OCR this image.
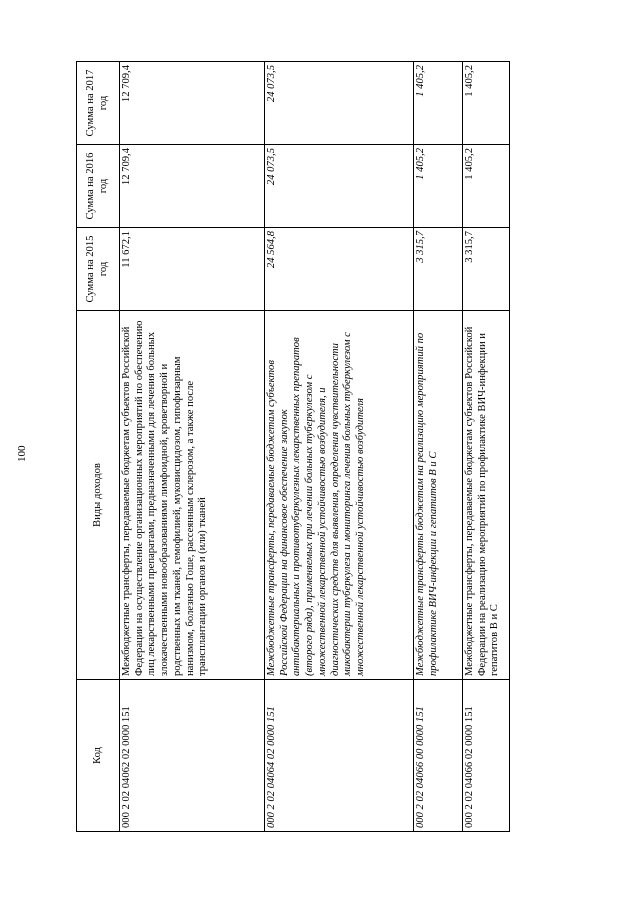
100
Код	Виды доходов	Сумма на 2015 год	Сумма на 2016 год	Сумма на 2017 год
000 2 02 04062 02 0000 151	Межбюджетные трансферты, передаваемые бюджетам субъектов Российской Федерации на осуществление организационных мероприятий по обеспечению лиц лекарственными препаратами, предназначенными для лечения больных злокачественными новообразованиями лимфоидной, кроветворной и родственных им тканей, гемофилией, муковисцидозом, гипофизарным нанизмом, болезнью Гоше, рассеянным склерозом, а также после трансплантации органов и (или) тканей	11 672,1	12 709,4	12 709,4
000 2 02 04064 02 0000 151	Межбюджетные трансферты, передаваемые бюджетам субъектов Российской Федерации на финансовое обеспечение закупок антибактериальных и противотуберкулезных лекарственных препаратов (второго ряда), применяемых при лечении больных туберкулезом с множественной лекарственной устойчивостью возбудителя, и диагностических средств для выявления, определения чувствительности микобактерии туберкулеза и мониторинга лечения больных туберкулезом с множественной лекарственной устойчивостью возбудителя	24 564,8	24 073,5	24 073,5
000 2 02 04066 00 0000 151	Межбюджетные трансферты бюджетам на реализацию мероприятий по профилактике ВИЧ-инфекции и гепатитов В и С	3 315,7	1 405,2	1 405,2
000 2 02 04066 02 0000 151	Межбюджетные трансферты, передаваемые бюджетам субъектов Российской Федерации на реализацию мероприятий по профилактике ВИЧ-инфекции и гепатитов В и С	3 315,7	1 405,2	1 405,2
